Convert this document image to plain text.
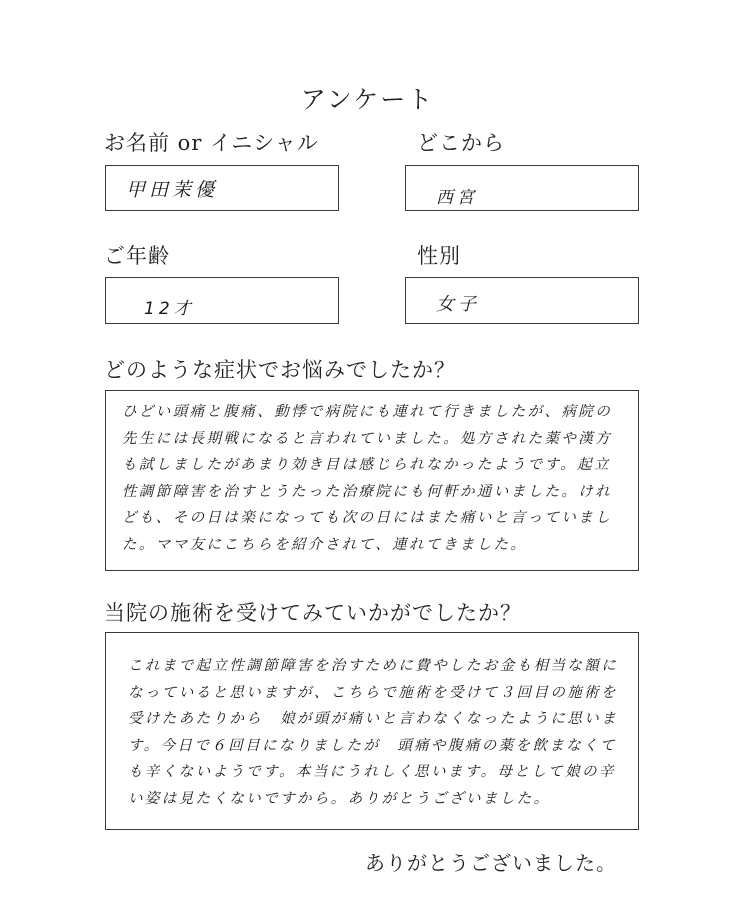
アンケート
お名前 or イニシャル
甲田茉優
どこから
西宮
ご年齢
12才
性別
女子
どのような症状でお悩みでしたか？
ひどい頭痛と腹痛、動悸で病院にも連れて行きましたが、病院の
先生には長期戦になると言われていました。処方された薬や漢方
も試しましたがあまり効き目は感じられなかったようです。起立
性調節障害を治すとうたった治療院にも何軒か通いました。けれ
ども、その日は楽になっても次の日にはまた痛いと言っていまし
た。ママ友にこちらを紹介されて、連れてきました。
当院の施術を受けてみていかがでしたか？
これまで起立性調節障害を治すために費やしたお金も相当な額に
なっていると思いますが、こちらで施術を受けて３回目の施術を
受けたあたりから　娘が頭が痛いと言わなくなったように思いま
す。今日で６回目になりましたが　頭痛や腹痛の薬を飲まなくて
も辛くないようです。本当にうれしく思います。母として娘の辛
い姿は見たくないですから。ありがとうございました。
ありがとうございました。
